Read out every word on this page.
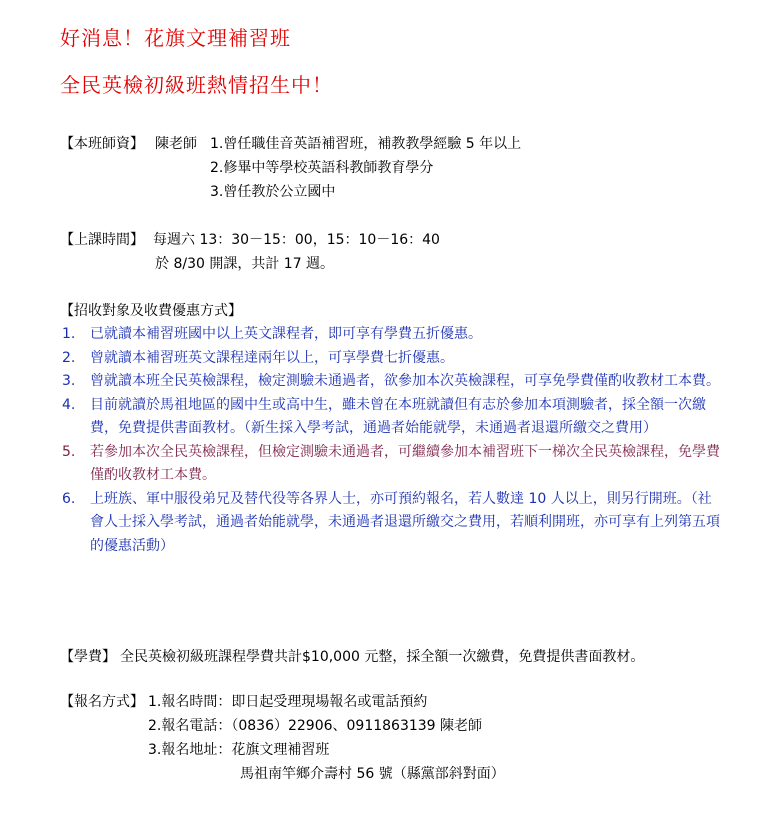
好消息！花旗文理補習班
全民英檢初級班熱情招生中！
【本班師資】 陳老師 1.曾任職佳音英語補習班，補教教學經驗 5 年以上
2.修畢中等學校英語科教師教育學分
3.曾任教於公立國中
【上課時間】 每週六 13：30－15：00，15：10－16：40
於 8/30 開課，共計 17 週。
【招收對象及收費優惠方式】
1.	已就讀本補習班國中以上英文課程者，即可享有學費五折優惠。
2.	曾就讀本補習班英文課程達兩年以上，可享學費七折優惠。
3.	曾就讀本班全民英檢課程，檢定測驗未通過者，欲參加本次英檢課程，可享免學費僅酌收教材工本費。
4.	目前就讀於馬祖地區的國中生或高中生，雖未曾在本班就讀但有志於參加本項測驗者，採全額一次繳費，免費提供書面教材。（新生採入學考試，通過者始能就學，未通過者退還所繳交之費用）
5.	若參加本次全民英檢課程，但檢定測驗未通過者，可繼續參加本補習班下一梯次全民英檢課程，免學費僅酌收教材工本費。
6.	上班族、軍中服役弟兄及替代役等各界人士，亦可預約報名，若人數達 10 人以上，則另行開班。（社會人士採入學考試，通過者始能就學，未通過者退還所繳交之費用，若順利開班，亦可享有上列第五項的優惠活動）
【學費】 全民英檢初級班課程學費共計$10,000 元整，採全額一次繳費，免費提供書面教材。
【報名方式】 1.報名時間：即日起受理現場報名或電話預約
2.報名電話：（0836）22906、0911863139 陳老師
3.報名地址：花旗文理補習班
馬祖南竿鄉介壽村 56 號（縣黨部斜對面）
